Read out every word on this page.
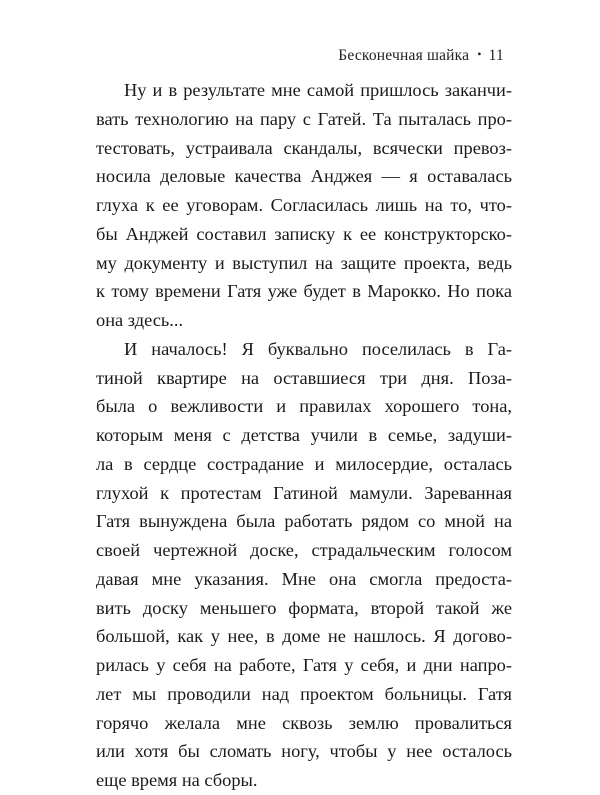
Бесконечная шайка • 11
Ну и в результате мне самой пришлось заканчи-
вать технологию на пару с Гатей. Та пыталась про-
тестовать, устраивала скандалы, всячески превоз-
носила деловые качества Анджея — я оставалась
глуха к ее уговорам. Согласилась лишь на то, что-
бы Анджей составил записку к ее конструкторско-
му документу и выступил на защите проекта, ведь
к тому времени Гатя уже будет в Марокко. Но пока
она здесь...
И началось! Я буквально поселилась в Га-
тиной квартире на оставшиеся три дня. Поза-
была о вежливости и правилах хорошего тона,
которым меня с детства учили в семье, задуши-
ла в сердце сострадание и милосердие, осталась
глухой к протестам Гатиной мамули. Зареванная
Гатя вынуждена была работать рядом со мной на
своей чертежной доске, страдальческим голосом
давая мне указания. Мне она смогла предоста-
вить доску меньшего формата, второй такой же
большой, как у нее, в доме не нашлось. Я догово-
рилась у себя на работе, Гатя у себя, и дни напро-
лет мы проводили над проектом больницы. Гатя
горячо желала мне сквозь землю провалиться
или хотя бы сломать ногу, чтобы у нее осталось
еще время на сборы.
